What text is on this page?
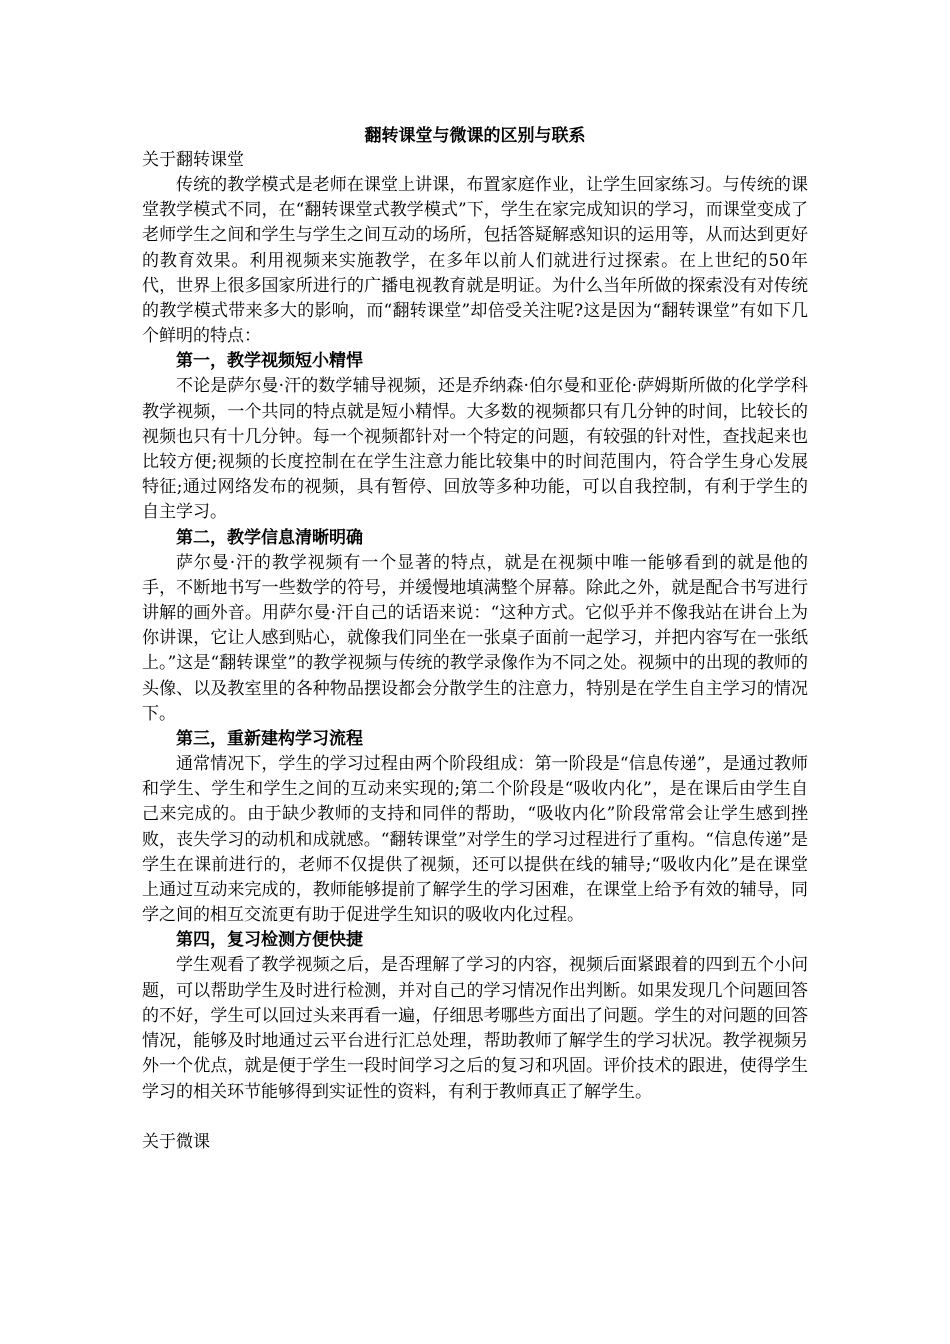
翻转课堂与微课的区别与联系

关于翻转课堂

传统的教学模式是老师在课堂上讲课，布置家庭作业，让学生回家练习。与传统的课堂教学模式不同，在“翻转课堂式教学模式”下，学生在家完成知识的学习，而课堂变成了老师学生之间和学生与学生之间互动的场所，包括答疑解惑知识的运用等，从而达到更好的教育效果。利用视频来实施教学，在多年以前人们就进行过探索。在上世纪的50年代，世界上很多国家所进行的广播电视教育就是明证。为什么当年所做的探索没有对传统的教学模式带来多大的影响，而“翻转课堂”却倍受关注呢?这是因为“翻转课堂”有如下几个鲜明的特点：

第一，教学视频短小精悍

不论是萨尔曼·汗的数学辅导视频，还是乔纳森·伯尔曼和亚伦·萨姆斯所做的化学学科教学视频，一个共同的特点就是短小精悍。大多数的视频都只有几分钟的时间，比较长的视频也只有十几分钟。每一个视频都针对一个特定的问题，有较强的针对性，查找起来也比较方便;视频的长度控制在在学生注意力能比较集中的时间范围内，符合学生身心发展特征;通过网络发布的视频，具有暂停、回放等多种功能，可以自我控制，有利于学生的自主学习。

第二，教学信息清晰明确

萨尔曼·汗的教学视频有一个显著的特点，就是在视频中唯一能够看到的就是他的手，不断地书写一些数学的符号，并缓慢地填满整个屏幕。除此之外，就是配合书写进行讲解的画外音。用萨尔曼·汗自己的话语来说：“这种方式。它似乎并不像我站在讲台上为你讲课，它让人感到贴心，就像我们同坐在一张桌子面前一起学习，并把内容写在一张纸上。”这是“翻转课堂”的教学视频与传统的教学录像作为不同之处。视频中的出现的教师的头像、以及教室里的各种物品摆设都会分散学生的注意力，特别是在学生自主学习的情况下。

第三，重新建构学习流程

通常情况下，学生的学习过程由两个阶段组成：第一阶段是“信息传递”，是通过教师和学生、学生和学生之间的互动来实现的;第二个阶段是“吸收内化”，是在课后由学生自己来完成的。由于缺少教师的支持和同伴的帮助，“吸收内化”阶段常常会让学生感到挫败，丧失学习的动机和成就感。“翻转课堂”对学生的学习过程进行了重构。“信息传递”是学生在课前进行的，老师不仅提供了视频，还可以提供在线的辅导;“吸收内化”是在课堂上通过互动来完成的，教师能够提前了解学生的学习困难，在课堂上给予有效的辅导，同学之间的相互交流更有助于促进学生知识的吸收内化过程。

第四，复习检测方便快捷

学生观看了教学视频之后，是否理解了学习的内容，视频后面紧跟着的四到五个小问题，可以帮助学生及时进行检测，并对自己的学习情况作出判断。如果发现几个问题回答的不好，学生可以回过头来再看一遍，仔细思考哪些方面出了问题。学生的对问题的回答情况，能够及时地通过云平台进行汇总处理，帮助教师了解学生的学习状况。教学视频另外一个优点，就是便于学生一段时间学习之后的复习和巩固。评价技术的跟进，使得学生学习的相关环节能够得到实证性的资料，有利于教师真正了解学生。

关于微课
